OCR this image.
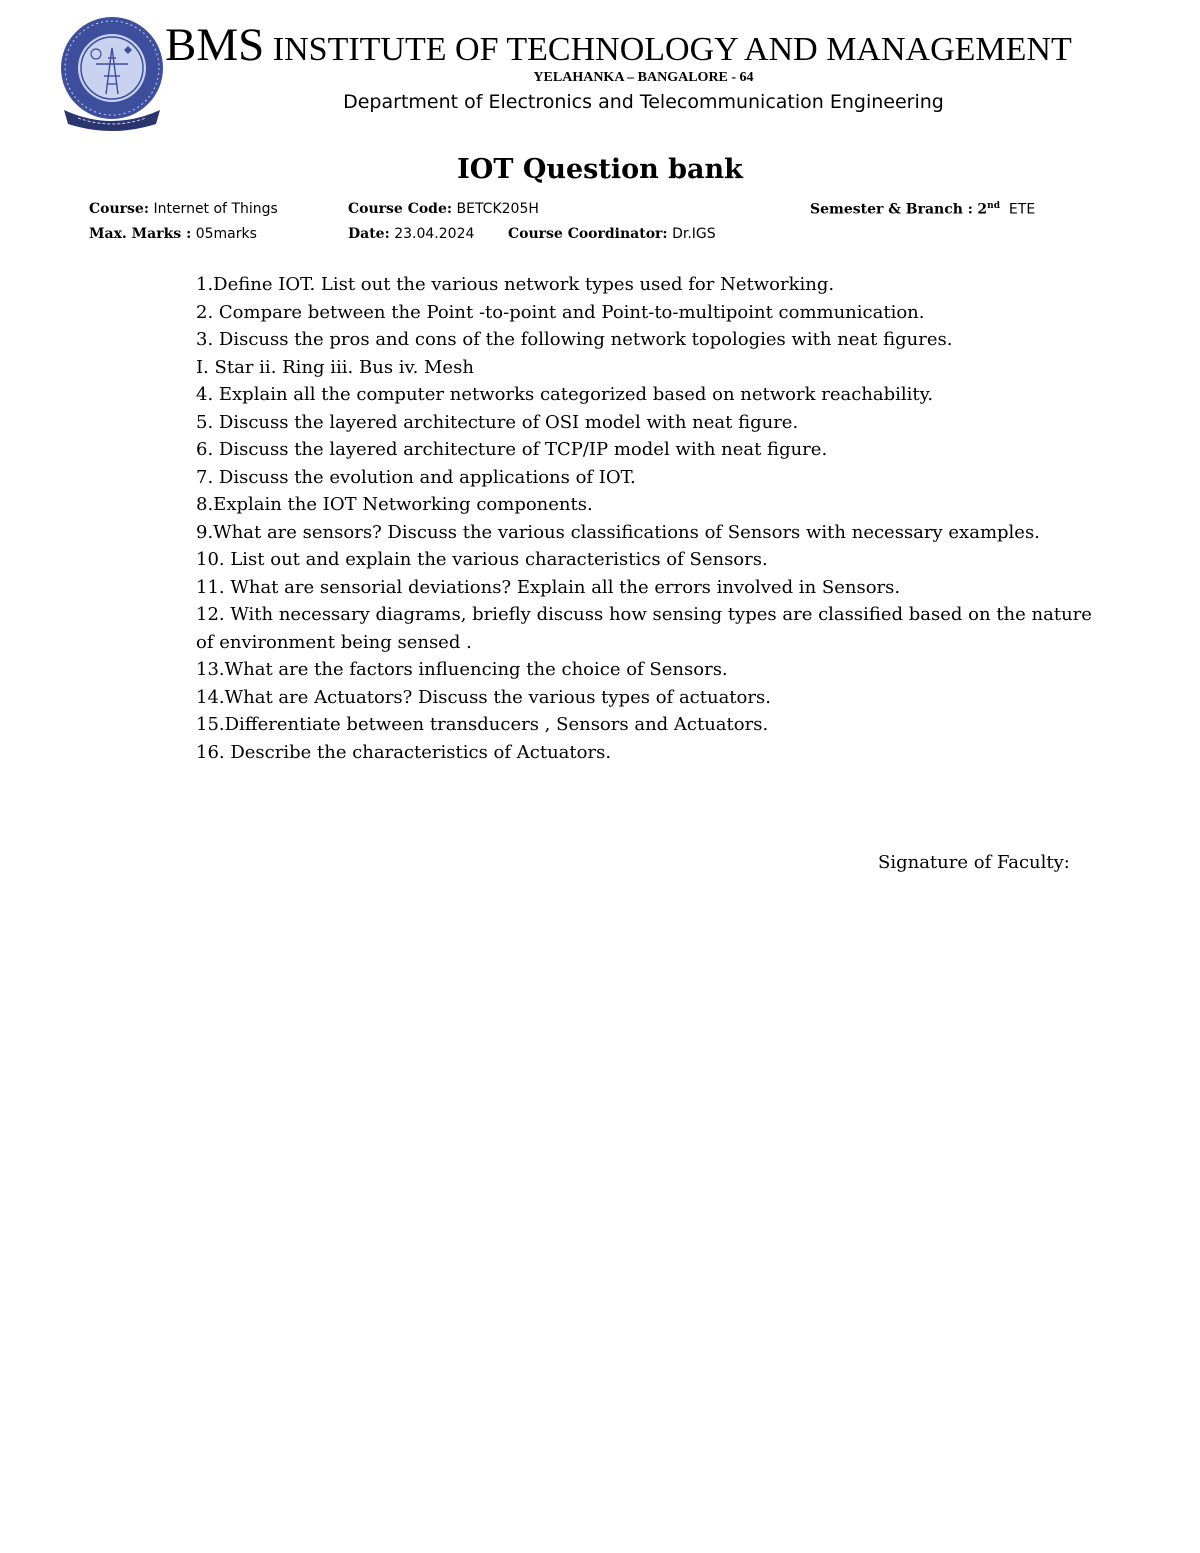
BMS INSTITUTE OF TECHNOLOGY AND MANAGEMENT
YELAHANKA – BANGALORE - 64
Department of Electronics and Telecommunication Engineering
IOT Question bank
Course: Internet of Things	Course Code: BETCK205H	Semester & Branch : 2nd ETE
Max. Marks : 05marks	Date: 23.04.2024 Course Coordinator: Dr.IGS
1.Define IOT. List out the various network types used for Networking.
2. Compare between the Point -to-point and Point-to-multipoint communication.
3. Discuss the pros and cons of the following network topologies with neat figures.
I. Star ii. Ring iii. Bus iv. Mesh
4. Explain all the computer networks categorized based on network reachability.
5. Discuss the layered architecture of OSI model with neat figure.
6. Discuss the layered architecture of TCP/IP model with neat figure.
7. Discuss the evolution and applications of IOT.
8.Explain the IOT Networking components.
9.What are sensors? Discuss the various classifications of Sensors with necessary examples.
10. List out and explain the various characteristics of Sensors.
11. What are sensorial deviations? Explain all the errors involved in Sensors.
12. With necessary diagrams, briefly discuss how sensing types are classified based on the nature of environment being sensed .
13.What are the factors influencing the choice of Sensors.
14.What are Actuators? Discuss the various types of actuators.
15.Differentiate between transducers , Sensors and Actuators.
16. Describe the characteristics of Actuators.
Signature of Faculty:
